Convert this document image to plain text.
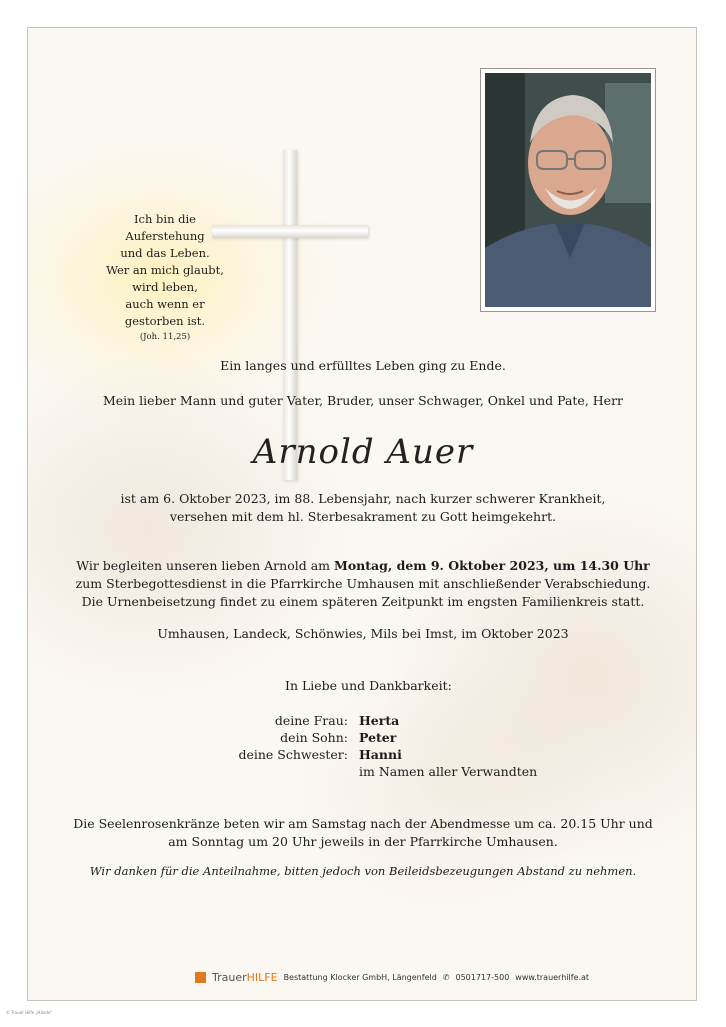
Ich bin die Auferstehung
und das Leben.
Wer an mich glaubt, wird leben,
auch wenn er gestorben ist.
(Joh. 11,25)
Ein langes und erfülltes Leben ging zu Ende.
Mein lieber Mann und guter Vater, Bruder, unser Schwager, Onkel und Pate, Herr
Arnold Auer
ist am 6. Oktober 2023, im 88. Lebensjahr, nach kurzer schwerer Krankheit,
versehen mit dem hl. Sterbesakrament zu Gott heimgekehrt.
Wir begleiten unseren lieben Arnold am Montag, dem 9. Oktober 2023, um 14.30 Uhr
zum Sterbegottesdienst in die Pfarrkirche Umhausen mit anschließender Verabschiedung.
Die Urnenbeisetzung findet zu einem späteren Zeitpunkt im engsten Familienkreis statt.
Umhausen, Landeck, Schönwies, Mils bei Imst, im Oktober 2023
In Liebe und Dankbarkeit:
deine Frau: Herta
dein Sohn: Peter
deine Schwester: Hanni
im Namen aller Verwandten
Die Seelenrosenkränze beten wir am Samstag nach der Abendmesse um ca. 20.15 Uhr und
am Sonntag um 20 Uhr jeweils in der Pfarrkirche Umhausen.
Wir danken für die Anteilnahme, bitten jedoch von Beileidsbezeugungen Abstand zu nehmen.
TrauerHILFE Bestattung Klocker GmbH, Längenfeld ✆ 0501717-500 www.trauerhilfe.at
© Trauer Hilfe „Hände"
